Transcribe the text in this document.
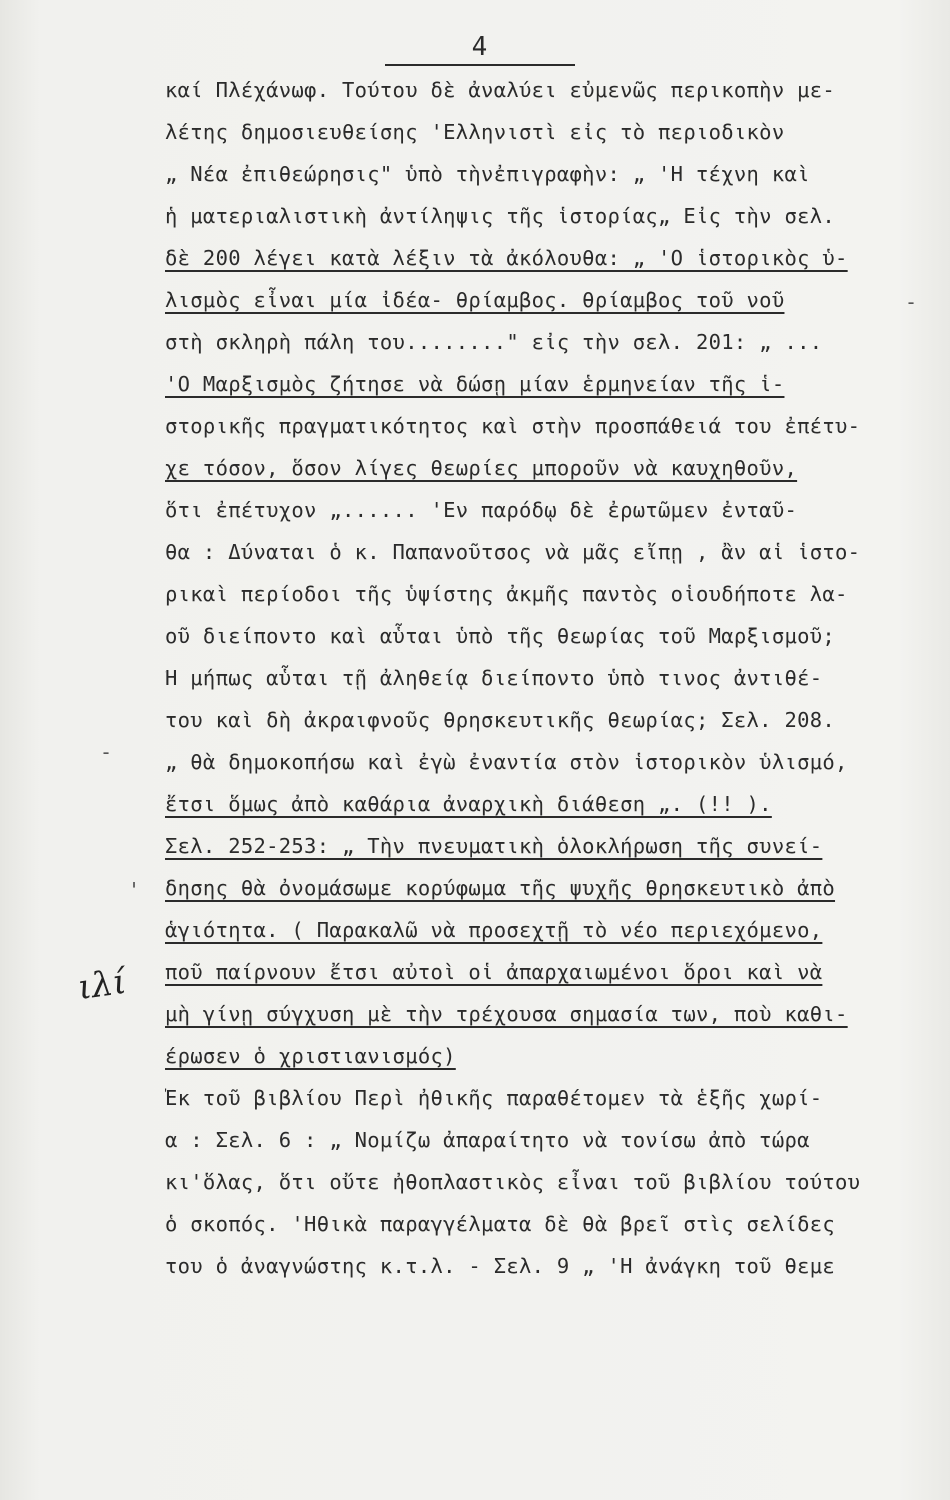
4
-
-
'
ιλί
καί Πλέχάνωφ. Τούτου δὲ ἀναλύει εὐμενῶς περικοπὴν με-
λέτης δημοσιευθείσης 'Ελληνιστὶ εἰς τὸ περιοδικὸν
„ Νέα ἐπιθεώρησις" ὑπὸ τὴνἐπιγραφὴν: „ 'Η τέχνη καὶ
ἡ ματεριαλιστικὴ ἀντίληψις τῆς ἱστορίας„ Εἰς τὴν σελ.
δὲ 200 λέγει κατὰ λέξιν τὰ ἀκόλουθα: „ 'Ο ἱστορικὸς ὑ-
λισμὸς εἶναι μία ἰδέα- θρίαμβος. θρίαμβος τοῦ νοῦ
στὴ σκληρὴ πάλη του........" εἰς τὴν σελ. 201: „ ...
'Ο Μαρξισμὸς ζήτησε νὰ δώσῃ μίαν ἑρμηνείαν τῆς ἱ-
στορικῆς πραγματικότητος καὶ στὴν προσπάθειά του ἐπέτυ-
χε τόσον, ὅσον λίγες θεωρίες μποροῦν νὰ καυχηθοῦν,
ὅτι ἐπέτυχον „...... 'Εν παρόδῳ δὲ ἐρωτῶμεν ἐνταῦ-
θα : Δύναται ὁ κ. Παπανοῦτσος νὰ μᾶς εἴπῃ , ἂν αἱ ἱστο-
ρικαὶ περίοδοι τῆς ὑψίστης ἀκμῆς παντὸς οἱουδήποτε λα-
οῦ διείποντο καὶ αὗται ὑπὸ τῆς θεωρίας τοῦ Μαρξισμοῦ;
Ἢ μήπως αὗται τῇ ἀληθείᾳ διείποντο ὑπὸ τινος ἀντιθέ-
του καὶ δὴ ἀκραιφνοῦς θρησκευτικῆς θεωρίας; Σελ. 208.
„ θὰ δημοκοπήσω καὶ ἐγὼ ἐναντία στὸν ἱστορικὸν ὑλισμό,
ἔτσι ὅμως ἀπὸ καθάρια ἀναρχικὴ διάθεση „. (!! ).
Σελ. 252-253: „ Τὴν πνευματικὴ ὁλοκλήρωση τῆς συνεί-
δησης θὰ ὀνομάσωμε κορύφωμα τῆς ψυχῆς θρησκευτικὸ ἀπὸ
ἁγιότητα. ( Παρακαλῶ νὰ προσεχτῇ τὸ νέο περιεχόμενο,
ποῦ παίρνουν ἔτσι αὐτοὶ οἱ ἀπαρχαιωμένοι ὅροι καὶ νὰ
μὴ γίνῃ σύγχυση μὲ τὴν τρέχουσα σημασία των, ποὺ καθι-
έρωσεν ὁ χριστιανισμός)
Ἐκ τοῦ βιβλίου Περὶ ἠθικῆς παραθέτομεν τὰ ἑξῆς χωρί-
α : Σελ. 6 : „ Νομίζω ἀπαραίτητο νὰ τονίσω ἀπὸ τώρα
κι'ὅλας, ὅτι οὔτε ἠθοπλαστικὸς εἶναι τοῦ βιβλίου τούτου
ὁ σκοπός. 'Ηθικὰ παραγγέλματα δὲ θὰ βρεῖ στὶς σελίδες
του ὁ ἀναγνώστης κ.τ.λ. - Σελ. 9 „ 'Η ἀνάγκη τοῦ θεμε
